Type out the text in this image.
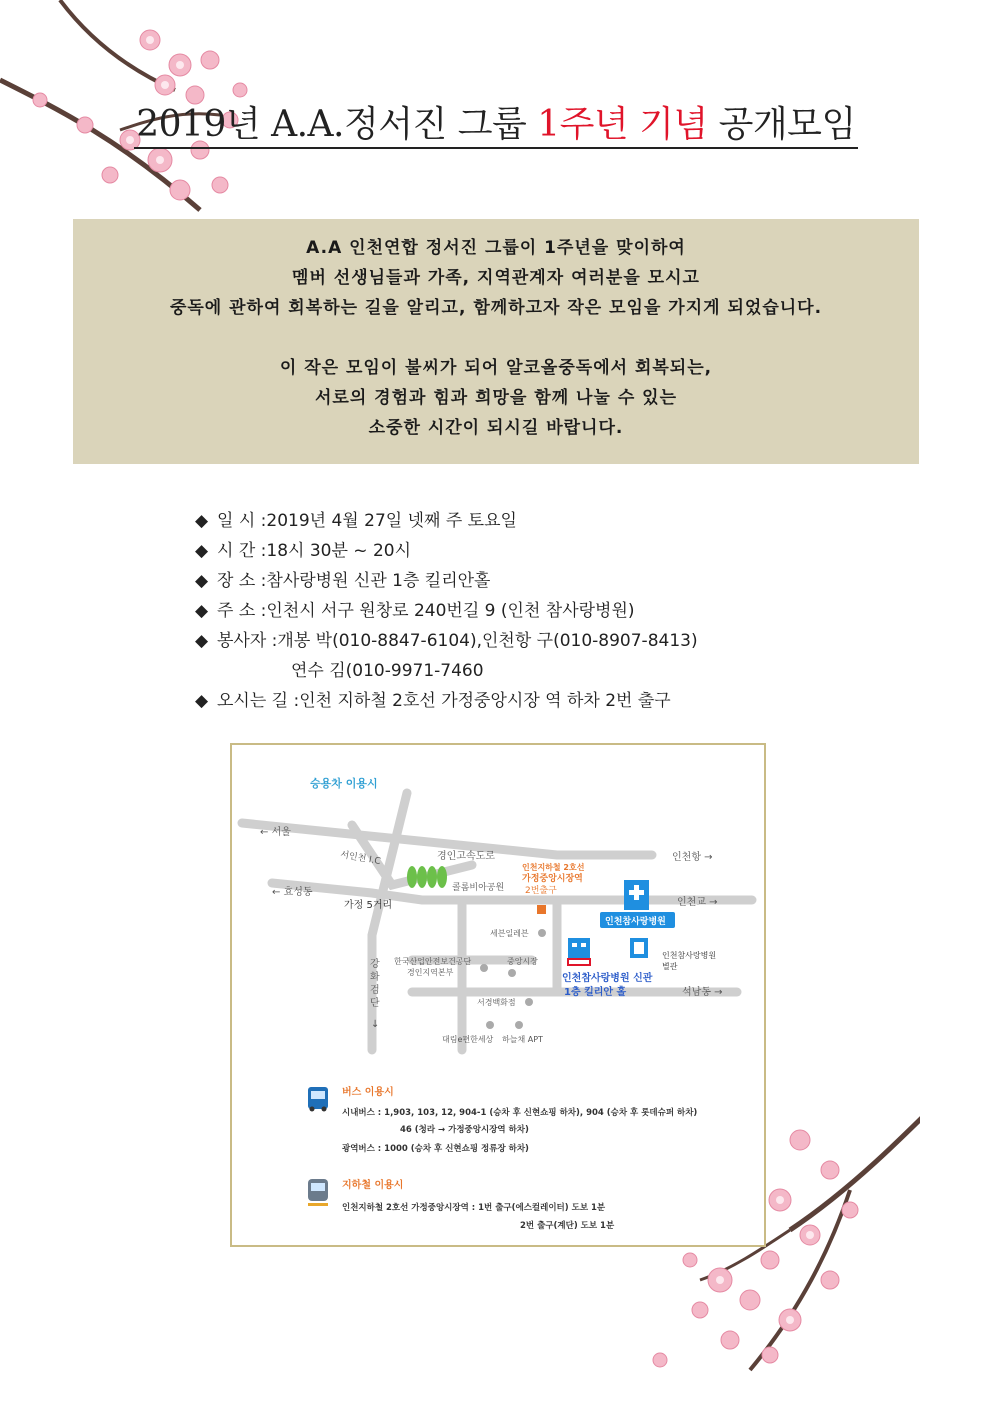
2019년 A.A.정서진 그룹 1주년 기념 공개모임

A.A 인천연합 정서진 그룹이 1주년을 맞이하여

멤버 선생님들과 가족, 지역관계자 여러분을 모시고

중독에 관하여 회복하는 길을 알리고, 함께하고자 작은 모임을 가지게 되었습니다.

이 작은 모임이 불씨가 되어 알코올중독에서 회복되는,

서로의 경험과 힘과 희망을 함께 나눌 수 있는

소중한 시간이 되시길 바랍니다.

◆ 일 시 :2019년 4월 27일 넷째 주 토요일
◆ 시 간 :18시 30분 ~ 20시
◆ 장 소 :참사랑병원 신관 1층 킬리안홀
◆ 주 소 :인천시 서구 원창로 240번길 9 (인천 참사랑병원)
◆ 봉사자 :개봉 박(010-8847-6104),인천항 구(010-8907-8413)
연수 김(010-9971-7460
◆ 오시는 길 :인천 지하철 2호선 가정중앙시장 역 하차 2번 출구
승용차 이용시
← 서울
← 효성동
인천항 →
인천교 →
석남동 →
서인천 I.C	경인고속도로
인천지하철 2호선
가정중앙시장역
2번출구
콜롬비아공원
가정 5거리
인천참사랑병원
세븐일레븐
인천참사랑병원
별관
한국산업안전보건공단
경인지역본부
중앙시장
인천참사랑병원 신관
1층 킬리안 홀
강
화
검
단
↓
서경백화점
대림e편한세상 하늘채 APT
버스 이용시
시내버스 : 1,903, 103, 12, 904-1 (승차 후 신현쇼핑 하차), 904 (승차 후 롯데슈퍼 하차)
46 (청라 → 가정중앙시장역 하차)
광역버스 : 1000 (승차 후 신현쇼핑 정류장 하차)
지하철 이용시
인천지하철 2호선 가정중앙시장역 : 1번 출구(에스컬레이터) 도보 1분
2번 출구(계단) 도보 1분
